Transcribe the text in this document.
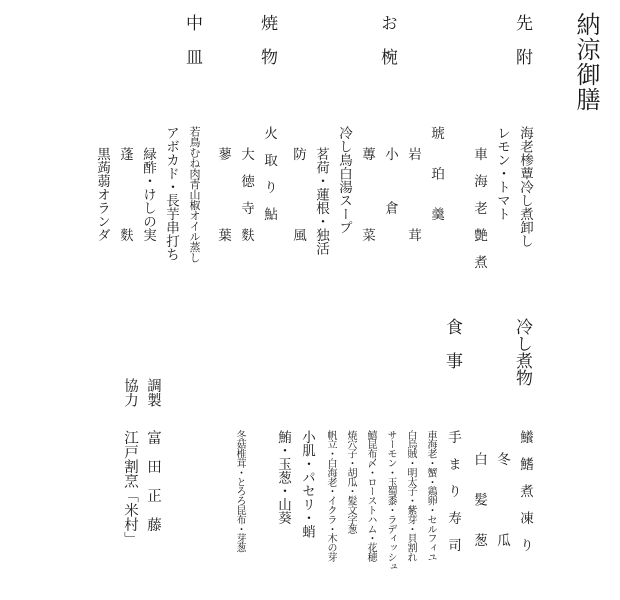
納涼御膳
先　附
海老椮蕈冷し煮卸し
レモン・トマト
車　海　老　艶　煮
お　椀
琥　　珀　　羹
岩　　　　　茸
小　　　倉
蓴　　　　　菜
焼　物
冷し鳥白湯スープ
茗荷・蓮根・独活
防　　　　　風
火　取　り　鮎
大　徳　寺　麩
蓼　　　　　葉
中　皿
若鳥むね肉青山椒オイル蒸し
アボカド・長芋串打ち
緑酢・けしの実
蓬　　　　　麩
黒蒟蒻オランダ
冷し煮物
鱶　鰭　煮　凍　り
冬　　　　　瓜
白　　髪　　葱
食　事
手　ま　り　寿　司
車海老・蟹・鶏卵・セルフィユ
白烏賊・明太子・紫芽・貝割れ
サーモン・玉蜀黍・ラディッシュ
鱚昆布〆・ローストハム・花穂
焼穴子・胡瓜・髪文字葱
帆立・白海老・イクラ・木の芽
小肌・パセリ・蛸
鮪・玉葱・山葵
冬菇椎茸・とろろ昆布・芽葱
調製
協力
富　田　正　藤
江戸割烹「米村」
